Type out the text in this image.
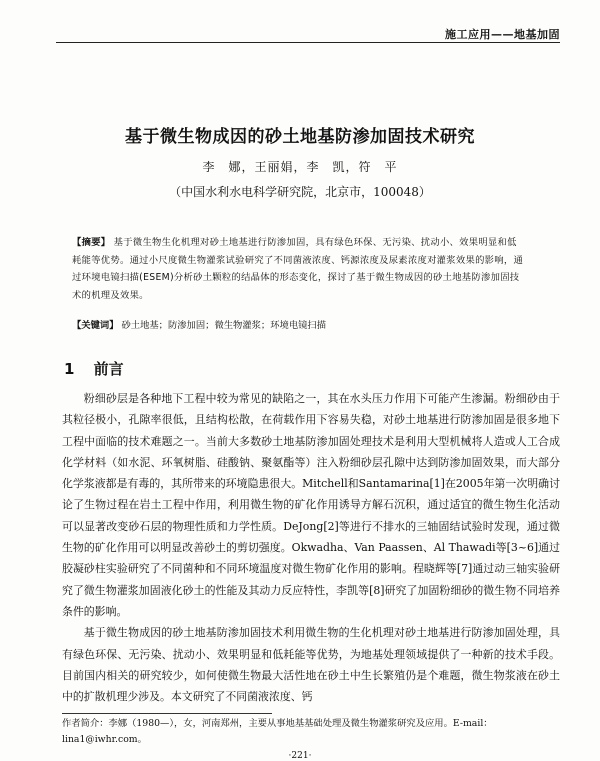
施工应用——地基加固
基于微生物成因的砂土地基防渗加固技术研究
李　娜，王丽娟，李　凯，符　平
（中国水利水电科学研究院，北京市，100048）
【摘要】 基于微生物生化机理对砂土地基进行防渗加固，具有绿色环保、无污染、扰动小、效果明显和低耗能等优势。通过小尺度微生物灌浆试验研究了不同菌液浓度、钙源浓度及尿素浓度对灌浆效果的影响，通过环境电镜扫描(ESEM)分析砂土颗粒的结晶体的形态变化，探讨了基于微生物成因的砂土地基防渗加固技术的机理及效果。
【关键词】 砂土地基；防渗加固；微生物灌浆；环境电镜扫描
1 前言

粉细砂层是各种地下工程中较为常见的缺陷之一，其在水头压力作用下可能产生渗漏。粉细砂由于其粒径极小，孔隙率很低，且结构松散，在荷载作用下容易失稳，对砂土地基进行防渗加固是很多地下工程中面临的技术难题之一。当前大多数砂土地基防渗加固处理技术是利用大型机械将人造或人工合成化学材料（如水泥、环氧树脂、硅酸钠、聚氨酯等）注入粉细砂层孔隙中达到防渗加固效果，而大部分化学浆液都是有毒的，其所带来的环境隐患很大。Mitchell和Santamarina[1]在2005年第一次明确讨论了生物过程在岩土工程中作用，利用微生物的矿化作用诱导方解石沉积，通过适宜的微生物生化活动可以显著改变砂石层的物理性质和力学性质。DeJong[2]等进行不排水的三轴固结试验时发现，通过微生物的矿化作用可以明显改善砂土的剪切强度。Okwadha、Van Paassen、Al Thawadi等[3~6]通过胶凝砂柱实验研究了不同菌种和不同环境温度对微生物矿化作用的影响。程晓辉等[7]通过动三轴实验研究了微生物灌浆加固液化砂土的性能及其动力反应特性，李凯等[8]研究了加固粉细砂的微生物不同培养条件的影响。

基于微生物成因的砂土地基防渗加固技术利用微生物的生化机理对砂土地基进行防渗加固处理，具有绿色环保、无污染、扰动小、效果明显和低耗能等优势，为地基处理领域提供了一种新的技术手段。目前国内相关的研究较少，如何使微生物最大活性地在砂土中生长繁殖仍是个难题，微生物浆液在砂土中的扩散机理少涉及。本文研究了不同菌液浓度、钙

作者简介：李娜（1980—），女，河南郑州，主要从事地基基础处理及微生物灌浆研究及应用。E-mail：lina1@iwhr.com。
·221·
